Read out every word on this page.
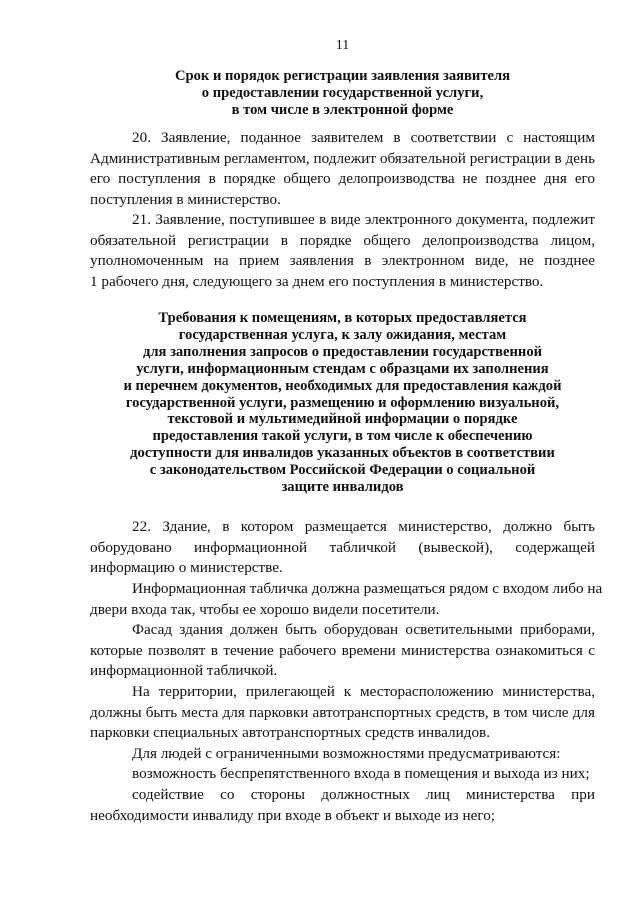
11
Срок и порядок регистрации заявления заявителя
о предоставлении государственной услуги,
в том числе в электронной форме
20. Заявление, поданное заявителем в соответствии с настоящим
Административным регламентом, подлежит обязательной регистрации в день
его поступления в порядке общего делопроизводства не позднее дня его
поступления в министерство.
21. Заявление, поступившее в виде электронного документа, подлежит
обязательной регистрации в порядке общего делопроизводства лицом,
уполномоченным на прием заявления в электронном виде, не позднее
1 рабочего дня, следующего за днем его поступления в министерство.
Требования к помещениям, в которых предоставляется
государственная услуга, к залу ожидания, местам
для заполнения запросов о предоставлении государственной
услуги, информационным стендам с образцами их заполнения
и перечнем документов, необходимых для предоставления каждой
государственной услуги, размещению и оформлению визуальной,
текстовой и мультимедийной информации о порядке
предоставления такой услуги, в том числе к обеспечению
доступности для инвалидов указанных объектов в соответствии
с законодательством Российской Федерации о социальной
защите инвалидов
22. Здание, в котором размещается министерство, должно быть
оборудовано информационной табличкой (вывеской), содержащей
информацию о министерстве.
Информационная табличка должна размещаться рядом с входом либо на
двери входа так, чтобы ее хорошо видели посетители.
Фасад здания должен быть оборудован осветительными приборами,
которые позволят в течение рабочего времени министерства ознакомиться с
информационной табличкой.
На территории, прилегающей к месторасположению министерства,
должны быть места для парковки автотранспортных средств, в том числе для
парковки специальных автотранспортных средств инвалидов.
Для людей с ограниченными возможностями предусматриваются:
возможность беспрепятственного входа в помещения и выхода из них;
содействие со стороны должностных лиц министерства при
необходимости инвалиду при входе в объект и выходе из него;
